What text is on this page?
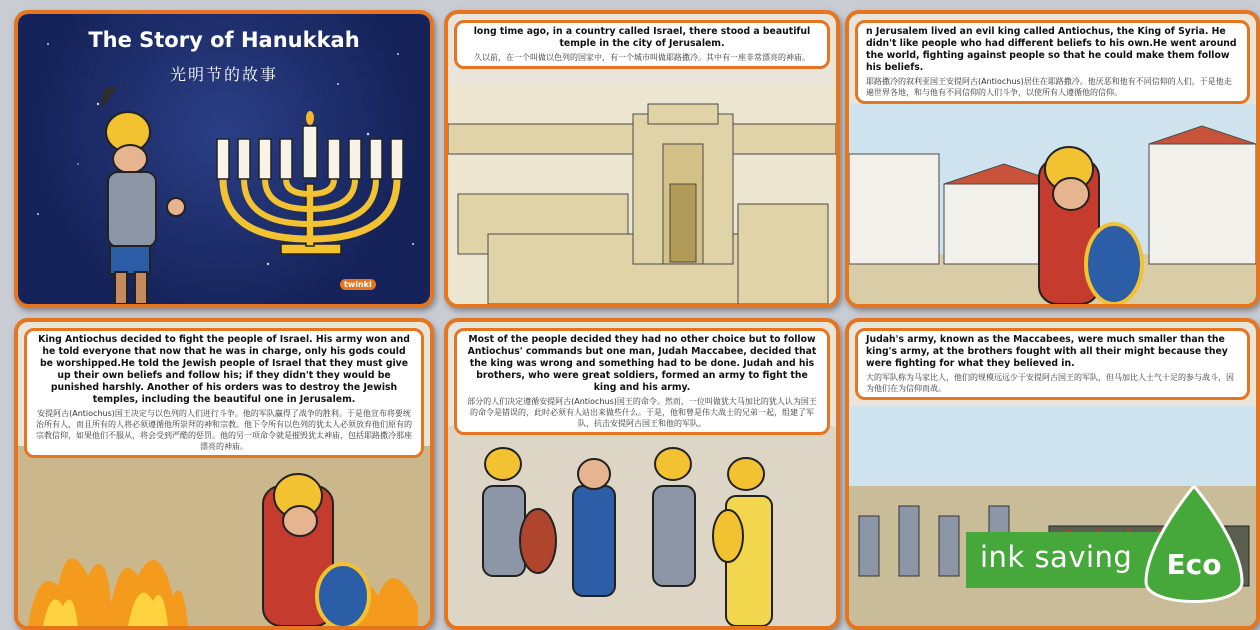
The Story of Hanukkah
光明节的故事
twinkl
long time ago, in a country called Israel, there stood a beautiful temple in the city of Jerusalem.
久以前，在一个叫做以色列的国家中，有一个城市叫做耶路撒冷。其中有一座非常漂亮的神庙。
n Jerusalem lived an evil king called Antiochus, the King of Syria. He didn't like people who had different beliefs to his own.He went around the world, fighting against people so that he could make them follow his beliefs.
耶路撒冷的叙利亚国王安提阿古(Antiochus)居住在耶路撒冷。他厌恶和他有不同信仰的人们，于是他走遍世界各地，和与他有不同信仰的人们斗争，以使所有人遵循他的信仰。
King Antiochus decided to fight the people of Israel. His army won and he told everyone that now that he was in charge, only his gods could be worshipped.He told the Jewish people of Israel that they must give up their own beliefs and follow his; if they didn't they would be punished harshly. Another of his orders was to destroy the Jewish temples, including the beautiful one in Jerusalem.
安提阿古(Antiochus)国王决定与以色列的人们进行斗争。他的军队赢得了战争的胜利。于是他宣布将要统治所有人，而且所有的人将必须遵循他所崇拜的神和宗教。他下令所有以色列的犹太人必须放弃他们原有的宗教信仰，如果他们不服从，将会受到严酷的惩罚。他的另一项命令就是摧毁犹太神庙，包括耶路撒冷那座漂亮的神庙。
Most of the people decided they had no other choice but to follow Antiochus' commands but one man, Judah Maccabee, decided that the king was wrong and something had to be done. Judah and his brothers, who were great soldiers, formed an army to fight the king and his army.
部分的人们决定遵循安提阿古(Antiochus)国王的命令。然而，一位叫做犹大马加比的犹人认为国王的命令是错误的，此时必须有人站出来做些什么。于是，他和曾是伟大战士的兄弟一起，组建了军队，抗击安提阿古国王和他的军队。
Judah's army, known as the Maccabees, were much smaller than the king's army, at the brothers fought with all their might because they were fighting for what they believed in.
大的军队称为马家比人，他们的规模远远少于安提阿古国王的军队，但马加比人士气十足的参与战斗，因为他们在为信仰而战。
ink saving	Eco
